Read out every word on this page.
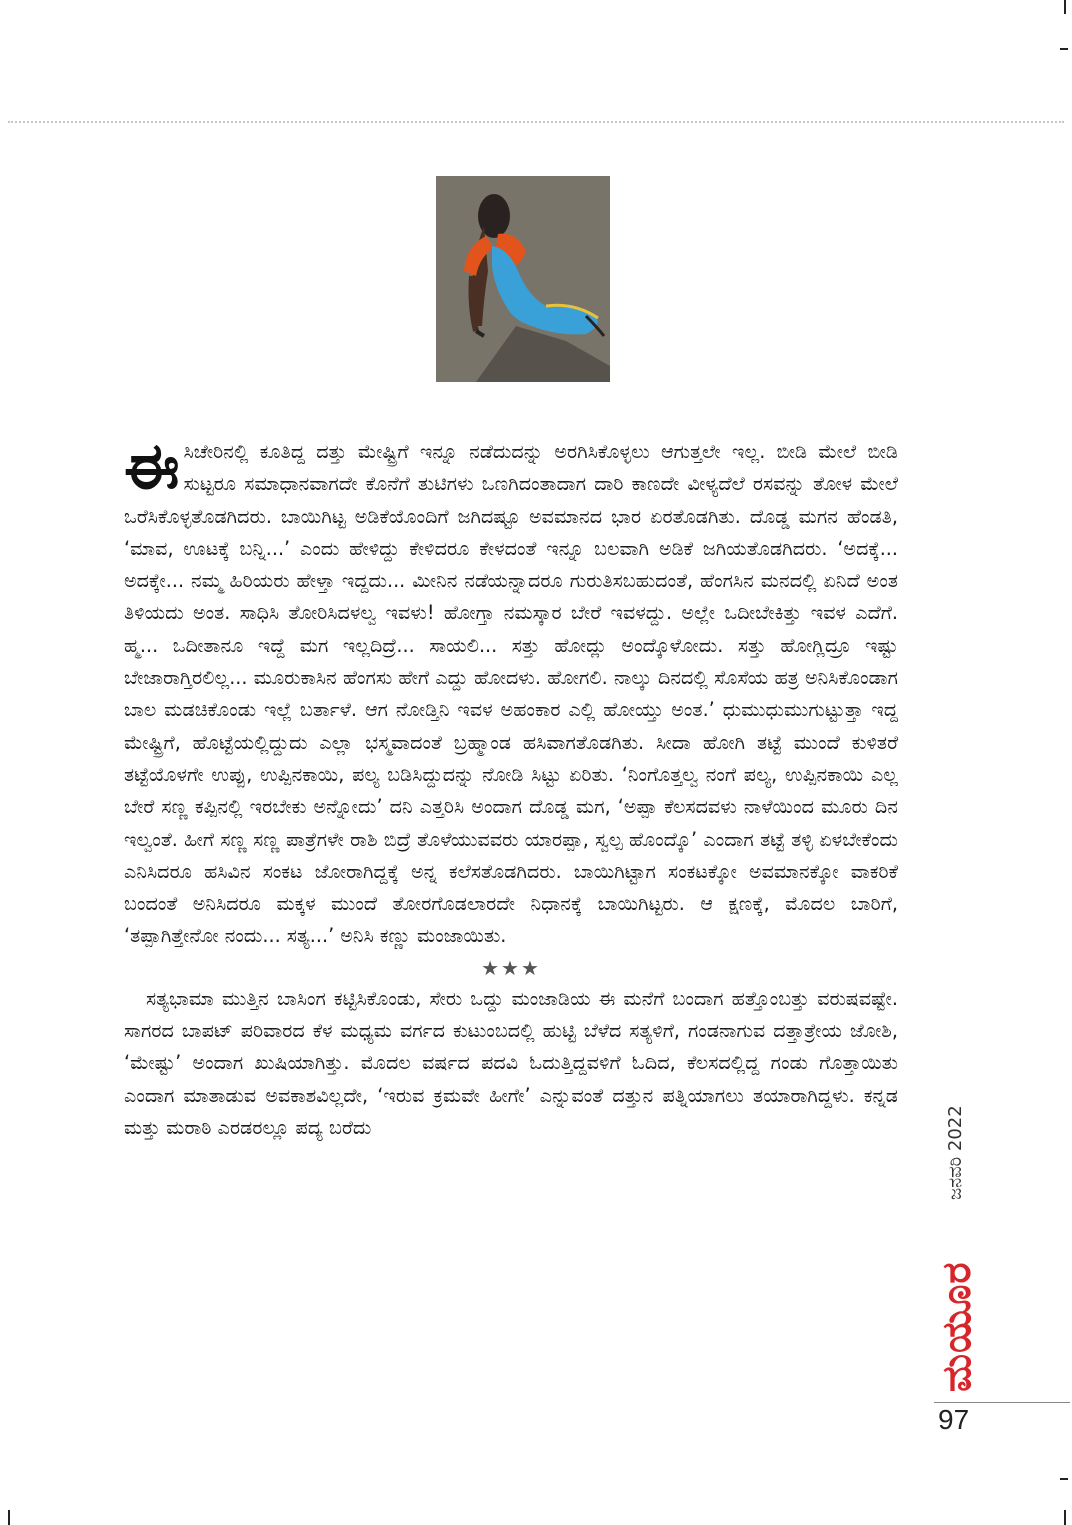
ಈಸಿಚೇರಿನಲ್ಲಿ ಕೂತಿದ್ದ ದತ್ತು ಮೇಷ್ಟ್ರಿಗೆ ಇನ್ನೂ ನಡೆದುದನ್ನು ಅರಗಿಸಿಕೊಳ್ಳಲು ಆಗುತ್ತಲೇ ಇಲ್ಲ. ಬೀಡಿ ಮೇಲೆ ಬೀಡಿ ಸುಟ್ಟರೂ ಸಮಾಧಾನವಾಗದೇ ಕೊನೆಗೆ ತುಟಿಗಳು ಒಣಗಿದಂತಾದಾಗ ದಾರಿ ಕಾಣದೇ ವೀಳ್ಯದೆಲೆ ರಸವನ್ನು ತೋಳ ಮೇಲೆ ಒರೆಸಿಕೊಳ್ಳತೊಡಗಿದರು. ಬಾಯಿಗಿಟ್ಟ ಅಡಿಕೆಯೊಂದಿಗೆ ಜಗಿದಷ್ಟೂ ಅವಮಾನದ ಭಾರ ಏರತೊಡಗಿತು. ದೊಡ್ಡ ಮಗನ ಹೆಂಡತಿ, ‘ಮಾವ, ಊಟಕ್ಕೆ ಬನ್ನಿ...’ ಎಂದು ಹೇಳಿದ್ದು ಕೇಳಿದರೂ ಕೇಳದಂತೆ ಇನ್ನೂ ಬಲವಾಗಿ ಅಡಿಕೆ ಜಗಿಯತೊಡಗಿದರು. ‘ಅದಕ್ಕೆ... ಅದಕ್ಕೇ... ನಮ್ಮ ಹಿರಿಯರು ಹೇಳ್ತಾ ಇದ್ದದು... ಮೀನಿನ ನಡೆಯನ್ನಾದರೂ ಗುರುತಿಸಬಹುದಂತೆ, ಹೆಂಗಸಿನ ಮನದಲ್ಲಿ ಏನಿದೆ ಅಂತ ತಿಳಿಯದು ಅಂತ. ಸಾಧಿಸಿ ತೋರಿಸಿದಳಲ್ವ ಇವಳು! ಹೋಗ್ತಾ ನಮಸ್ಕಾರ ಬೇರೆ ಇವಳದ್ದು. ಅಲ್ಲೇ ಒದೀಬೇಕಿತ್ತು ಇವಳ ಎದೆಗೆ. ಹ್ಮ... ಒದೀತಾನೂ ಇದ್ದೆ ಮಗ ಇಲ್ಲದಿದ್ರೆ... ಸಾಯಲಿ... ಸತ್ತು ಹೋದ್ಲು ಅಂದ್ಕೊಳೋದು. ಸತ್ತು ಹೋಗ್ಲಿದ್ರೂ ಇಷ್ಟು ಬೇಜಾರಾಗ್ತಿರಲಿಲ್ಲ... ಮೂರುಕಾಸಿನ ಹೆಂಗಸು ಹೇಗೆ ಎದ್ದು ಹೋದಳು. ಹೋಗಲಿ. ನಾಲ್ಕು ದಿನದಲ್ಲಿ ಸೊಸೆಯ ಹತ್ರ ಅನಿಸಿಕೊಂಡಾಗ ಬಾಲ ಮಡಚಿಕೊಂಡು ಇಲ್ಲೆ ಬರ್ತಾಳೆ. ಆಗ ನೋಡ್ತಿನಿ ಇವಳ ಅಹಂಕಾರ ಎಲ್ಲಿ ಹೋಯ್ತು ಅಂತ.’ ಧುಮುಧುಮುಗುಟ್ಟುತ್ತಾ ಇದ್ದ ಮೇಷ್ಟ್ರಿಗೆ, ಹೊಟ್ಟೆಯಲ್ಲಿದ್ದುದು ಎಲ್ಲಾ ಭಸ್ಮವಾದಂತೆ ಬ್ರಹ್ಮಾಂಡ ಹಸಿವಾಗತೊಡಗಿತು. ಸೀದಾ ಹೋಗಿ ತಟ್ಟೆ ಮುಂದೆ ಕುಳಿತರೆ ತಟ್ಟೆಯೊಳಗೇ ಉಪ್ಪು, ಉಪ್ಪಿನಕಾಯಿ, ಪಲ್ಯ ಬಡಿಸಿದ್ದುದನ್ನು ನೋಡಿ ಸಿಟ್ಟು ಏರಿತು. ‘ನಿಂಗೊತ್ತಲ್ವ ನಂಗೆ ಪಲ್ಯ, ಉಪ್ಪಿನಕಾಯಿ ಎಲ್ಲ ಬೇರೆ ಸಣ್ಣ ಕಪ್ಪಿನಲ್ಲಿ ಇರಬೇಕು ಅನ್ನೋದು’ ದನಿ ಎತ್ತರಿಸಿ ಅಂದಾಗ ದೊಡ್ಡ ಮಗ, ‘ಅಪ್ಪಾ ಕೆಲಸದವಳು ನಾಳೆಯಿಂದ ಮೂರು ದಿನ ಇಲ್ವಂತೆ. ಹೀಗೆ ಸಣ್ಣ ಸಣ್ಣ ಪಾತ್ರೆಗಳೇ ರಾಶಿ ಬಿದ್ರೆ ತೊಳೆಯುವವರು ಯಾರಪ್ಪಾ, ಸ್ವಲ್ಪ ಹೊಂದ್ಕೊ’ ಎಂದಾಗ ತಟ್ಟೆ ತಳ್ಳಿ ಏಳಬೇಕೆಂದು ಎನಿಸಿದರೂ ಹಸಿವಿನ ಸಂಕಟ ಜೋರಾಗಿದ್ದಕ್ಕೆ ಅನ್ನ ಕಲೆಸತೊಡಗಿದರು. ಬಾಯಿಗಿಟ್ಟಾಗ ಸಂಕಟಕ್ಕೋ ಅವಮಾನಕ್ಕೋ ವಾಕರಿಕೆ ಬಂದಂತೆ ಅನಿಸಿದರೂ ಮಕ್ಕಳ ಮುಂದೆ ತೋರಗೊಡಲಾರದೇ ನಿಧಾನಕ್ಕೆ ಬಾಯಿಗಿಟ್ಟರು. ಆ ಕ್ಷಣಕ್ಕೆ, ಮೊದಲ ಬಾರಿಗೆ, ‘ತಪ್ಪಾಗಿತ್ತೇನೋ ನಂದು... ಸತ್ಯ...’ ಅನಿಸಿ ಕಣ್ಣು ಮಂಜಾಯಿತು.

★★★

ಸತ್ಯಭಾಮಾ ಮುತ್ತಿನ ಬಾಸಿಂಗ ಕಟ್ಟಿಸಿಕೊಂಡು, ಸೇರು ಒದ್ದು ಮಂಜಾಡಿಯ ಈ ಮನೆಗೆ ಬಂದಾಗ ಹತ್ತೊಂಬತ್ತು ವರುಷವಷ್ಟೇ. ಸಾಗರದ ಬಾಪಟ್ ಪರಿವಾರದ ಕೆಳ ಮಧ್ಯಮ ವರ್ಗದ ಕುಟುಂಬದಲ್ಲಿ ಹುಟ್ಟಿ ಬೆಳೆದ ಸತ್ಯಳಿಗೆ, ಗಂಡನಾಗುವ ದತ್ತಾತ್ರೇಯ ಜೋಶಿ, ‘ಮೇಷ್ಟು’ ಅಂದಾಗ ಖುಷಿಯಾಗಿತ್ತು. ಮೊದಲ ವರ್ಷದ ಪದವಿ ಓದುತ್ತಿದ್ದವಳಿಗೆ ಓದಿದ, ಕೆಲಸದಲ್ಲಿದ್ದ ಗಂಡು ಗೊತ್ತಾಯಿತು ಎಂದಾಗ ಮಾತಾಡುವ ಅವಕಾಶವಿಲ್ಲದೇ, ‘ಇರುವ ಕ್ರಮವೇ ಹೀಗೇ’ ಎನ್ನುವಂತೆ ದತ್ತುನ ಪತ್ನಿಯಾಗಲು ತಯಾರಾಗಿದ್ದಳು. ಕನ್ನಡ ಮತ್ತು ಮರಾಠಿ ಎರಡರಲ್ಲೂ ಪದ್ಯ ಬರೆದು	ಜನವರಿ 2022
ಮಯೂರ
97
